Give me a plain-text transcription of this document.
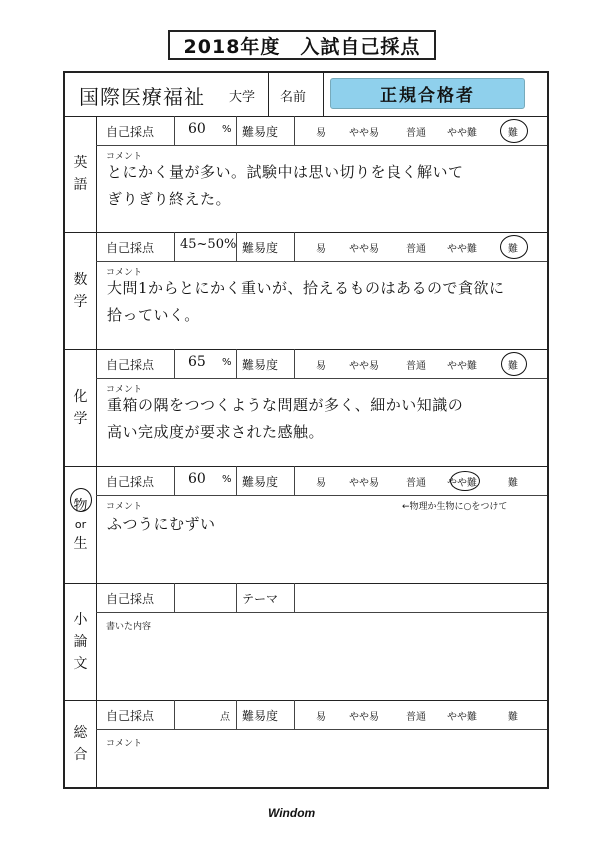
2018年度　入試自己採点
国際医療福祉 大学 名前	正規合格者
英語
自己採点 60 % 難易度	易 やや易	普通 やや難	難
コメント
とにかく量が多い。試験中は思い切りを良く解いて
ぎりぎり終えた。
数学
自己採点 45~50% 難易度	易 やや易	普通 やや難	難
コメント
大問1からとにかく重いが、拾えるものはあるので貪欲に
拾っていく。
化学
自己採点 65 % 難易度	易 やや易	普通 やや難	難
コメント
重箱の隅をつつくような問題が多く、細かい知識の
高い完成度が要求された感触。
物
or
生
自己採点 60 % 難易度	易 やや易	普通 やや難	難
コメント	←物理か生物に○をつけて
ふつうにむずい
小論文
自己採点	テーマ
書いた内容
総合
自己採点	点 難易度	易 やや易	普通 やや難	難
コメント
Windom
